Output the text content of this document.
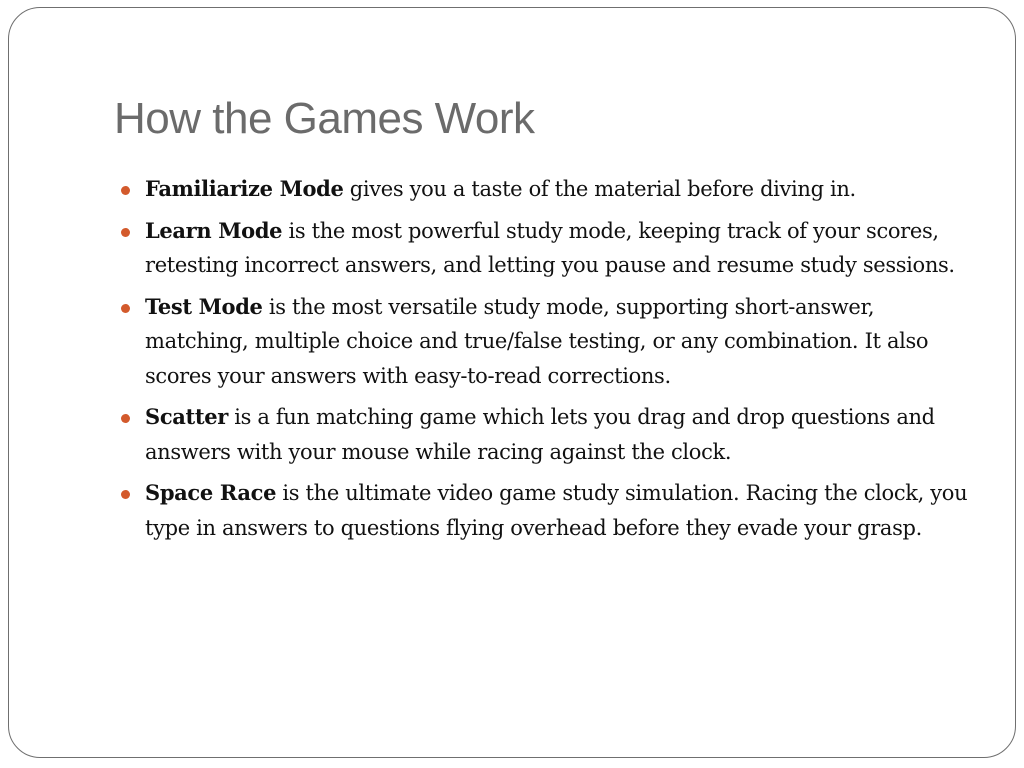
How the Games Work
Familiarize Mode gives you a taste of the material before diving in.
Learn Mode is the most powerful study mode, keeping track of your scores, retesting incorrect answers, and letting you pause and resume study sessions.
Test Mode is the most versatile study mode, supporting short-answer, matching, multiple choice and true/false testing, or any combination. It also scores your answers with easy-to-read corrections.
Scatter is a fun matching game which lets you drag and drop questions and answers with your mouse while racing against the clock.
Space Race is the ultimate video game study simulation. Racing the clock, you type in answers to questions flying overhead before they evade your grasp.
